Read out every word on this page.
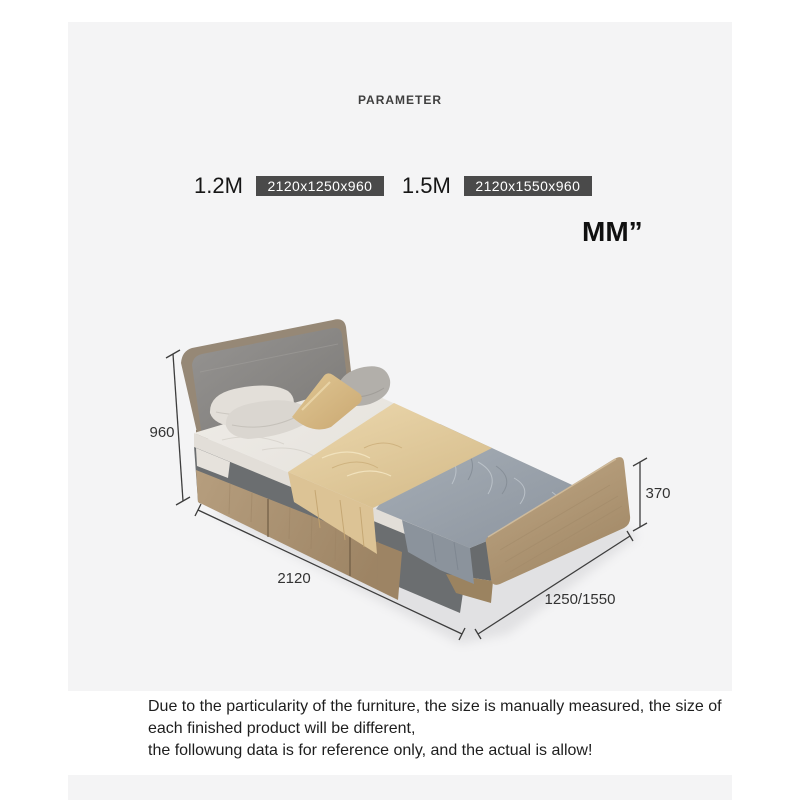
PARAMETER
1.2M	2120x1250x960	1.5M	2120x1550x960
MM”
960
2120
1250/1550
370
Due to the particularity of the furniture, the size is manually measured, the size of
each finished product will be different,
the followung data is for reference only, and the actual is allow!
